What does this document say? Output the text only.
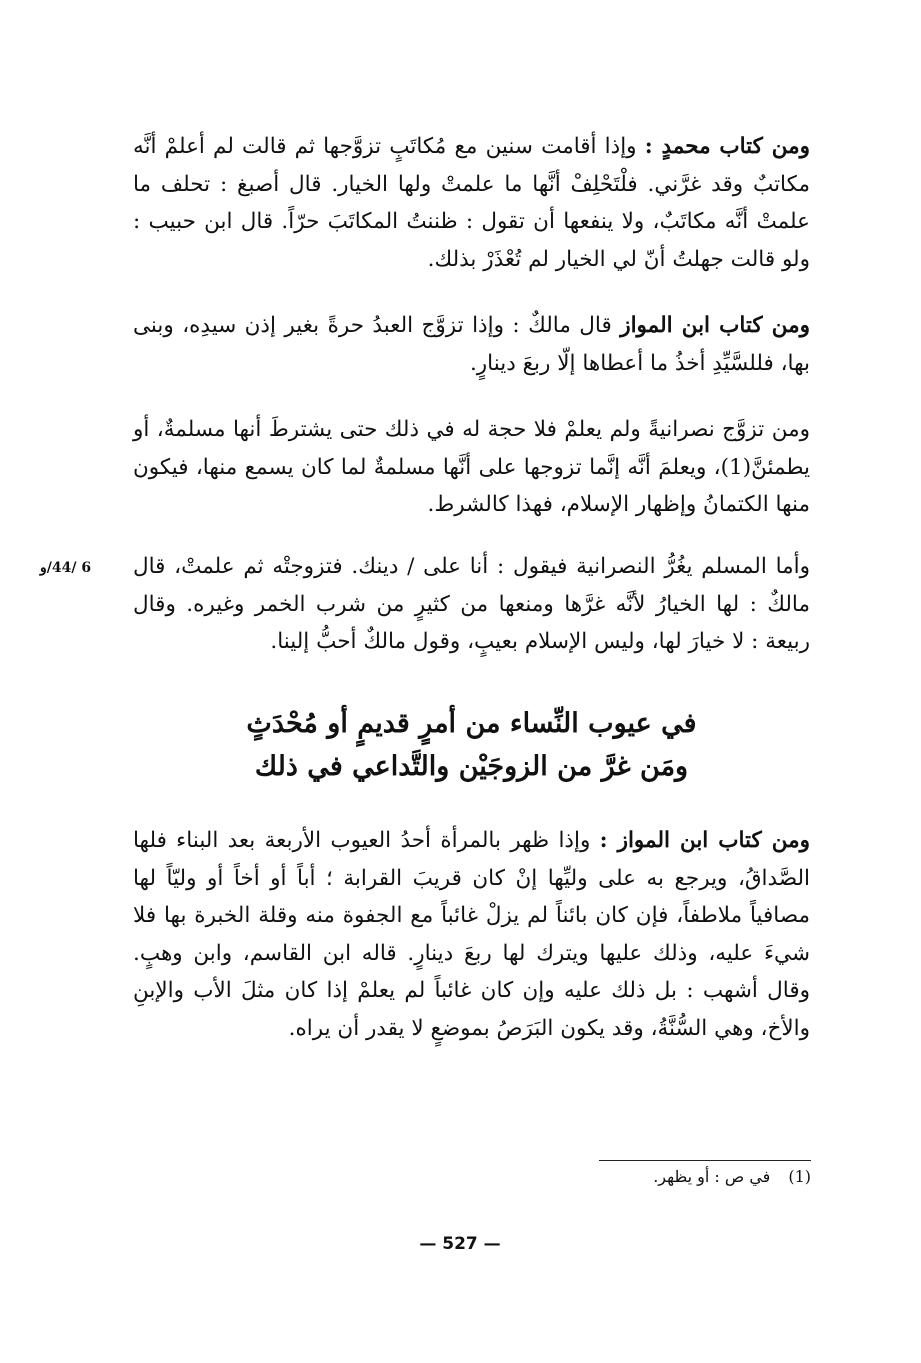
ومن كتاب محمدٍ : وإذا أقامت سنين مع مُكاتَبٍ تزوَّجها ثم قالت لم أعلمْ أنَّه مكاتبٌ وقد غرَّني. فلْتَحْلِفْ أنَّها ما علمتْ ولها الخيار. قال أصبغ : تحلف ما علمتْ أنَّه مكاتَبٌ، ولا ينفعها أن تقول : ظننتُ المكاتَبَ حرّاً. قال ابن حبيب : ولو قالت جهلتُ أنّ لي الخيار لم تُعْذَرْ بذلك.

ومن كتاب ابن المواز قال مالكٌ : وإذا تزوَّج العبدُ حرةً بغير إذن سيدِه، وبنى بها، فللسَّيِّدِ أخذُ ما أعطاها إلّا ربعَ دينارٍ.

ومن تزوَّج نصرانيةً ولم يعلمْ فلا حجة له في ذلك حتى يشترطَ أنها مسلمةٌ، أو يطمئنَّ(1)، ويعلمَ أنَّه إنَّما تزوجها على أنَّها مسلمةٌ لما كان يسمع منها، فيكون منها الكتمانُ وإظهار الإسلام، فهذا كالشرط.

6 /44/و	وأما المسلم يغُرُّ النصرانية فيقول : أنا على / دينك. فتزوجتْه ثم علمتْ، قال مالكٌ : لها الخيارُ لأنَّه غرَّها ومنعها من كثيرٍ من شرب الخمر وغيره. وقال ربيعة : لا خيارَ لها، وليس الإسلام بعيبٍ، وقول مالكٌ أحبُّ إلينا.

في عيوب النِّساء من أمرٍ قديمٍ أو مُحْدَثٍ
ومَن غرَّ من الزوجَيْن والتَّداعي في ذلك

ومن كتاب ابن المواز : وإذا ظهر بالمرأة أحدُ العيوب الأربعة بعد البناء فلها الصَّداقُ، ويرجع به على وليِّها إنْ كان قريبَ القرابة ؛ أباً أو أخاً أو وليّاً لها مصافياً ملاطفاً، فإن كان بائناً لم يزلْ غائباً مع الجفوة منه وقلة الخبرة بها فلا شيءَ عليه، وذلك عليها ويترك لها ربعَ دينارٍ. قاله ابن القاسم، وابن وهبٍ. وقال أشهب : بل ذلك عليه وإن كان غائباً لم يعلمْ إذا كان مثلَ الأب والإبنِ والأخ، وهي السُّنَّةُ، وقد يكون البَرَصُ بموضعٍ لا يقدر أن يراه.

(1)في ص : أو يظهر.
— 527 —
